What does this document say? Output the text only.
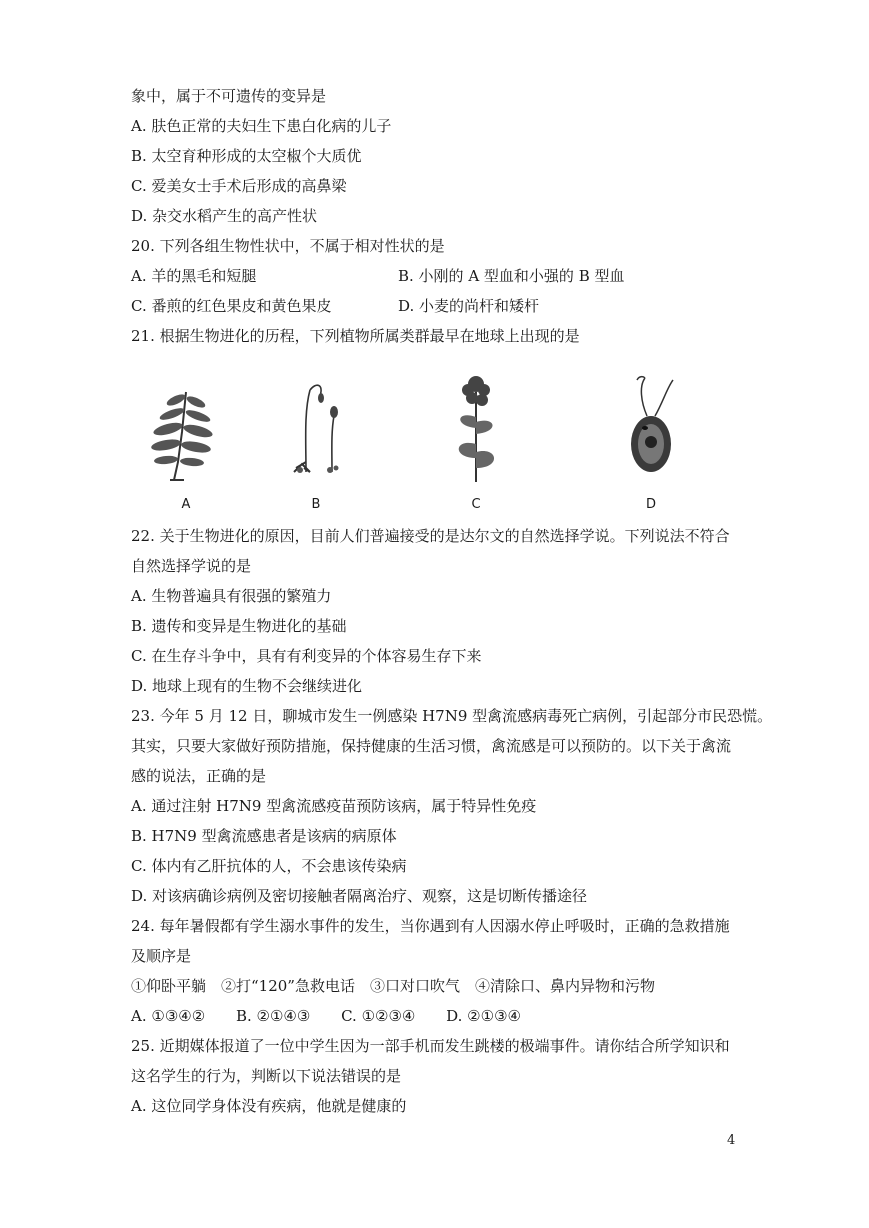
象中，属于不可遗传的变异是

A. 肤色正常的夫妇生下患白化病的儿子

B. 太空育种形成的太空椒个大质优

C. 爱美女士手术后形成的高鼻梁

D. 杂交水稻产生的高产性状

20. 下列各组生物性状中，不属于相对性状的是

A. 羊的黑毛和短腿	B. 小刚的 A 型血和小强的 B 型血

C. 番煎的红色果皮和黄色果皮	D. 小麦的尚杆和矮杆

21. 根据生物进化的历程，下列植物所属类群最早在地球上出现的是

A	B	C	D

22. 关于生物进化的原因，目前人们普遍接受的是达尔文的自然选择学说。下列说法不符合

自然选择学说的是

A. 生物普遍具有很强的繁殖力

B. 遗传和变异是生物进化的基础

C. 在生存斗争中，具有有利变异的个体容易生存下来

D. 地球上现有的生物不会继续进化

23. 今年 5 月 12 日，聊城市发生一例感染 H7N9 型禽流感病毒死亡病例，引起部分市民恐慌。

其实，只要大家做好预防措施，保持健康的生活习惯，禽流感是可以预防的。以下关于禽流

感的说法，正确的是

A. 通过注射 H7N9 型禽流感疫苗预防该病，属于特异性免疫

B. H7N9 型禽流感患者是该病的病原体

C. 体内有乙肝抗体的人，不会患该传染病

D. 对该病确诊病例及密切接触者隔离治疗、观察，这是切断传播途径

24. 每年暑假都有学生溺水事件的发生，当你遇到有人因溺水停止呼吸时，正确的急救措施

及顺序是

①仰卧平躺　②打“120”急救电话　③口对口吹气　④清除口、鼻内异物和污物

A. ①③④② B. ②①④③ C. ①②③④ D. ②①③④

25. 近期媒体报道了一位中学生因为一部手机而发生跳楼的极端事件。请你结合所学知识和

这名学生的行为，判断以下说法错误的是

A. 这位同学身体没有疾病，他就是健康的

4
